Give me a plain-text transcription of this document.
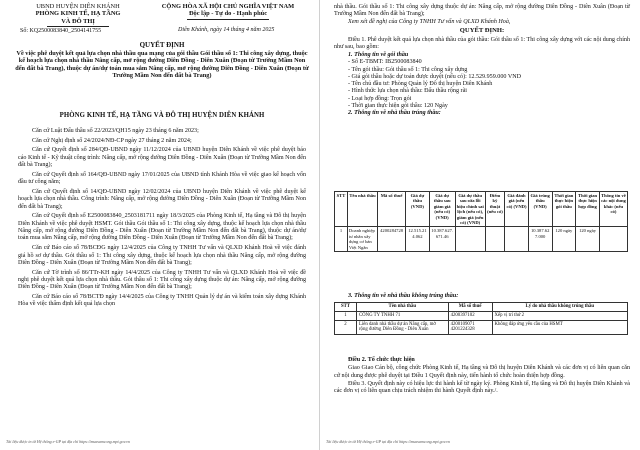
UBND HUYỆN DIÊN KHÁNH
PHÒNG KINH TẾ, HẠ TẦNG
VÀ ĐÔ THỊ
CỘNG HÒA XÃ HỘI CHỦ NGHĨA VIỆT NAM
Độc lập - Tự do - Hạnh phúc
Số: KQ2500083840_2504141755	Diên Khánh, ngày 14 tháng 4 năm 2025
QUYẾT ĐỊNH
Về việc phê duyệt kết quả lựa chọn nhà thầu qua mạng của gói thầu Gói thầu số 1: Thi công xây dựng, thuộc kế hoạch lựa chọn nhà thầu Nâng cấp, mở rộng đường Diên Đồng - Diên Xuân (Đoạn từ Trường Mầm Non đến đất bà Trang), thuộc dự án/dự toán mua sắm Nâng cấp, mở rộng đường Diên Đồng - Diên Xuân (Đoạn từ Trường Mầm Non đến đất bà Trang)
PHÒNG KINH TẾ, HẠ TẦNG VÀ ĐÔ THỊ HUYỆN DIÊN KHÁNH

Căn cứ Luật Đấu thầu số 22/2023/QH15 ngày 23 tháng 6 năm 2023;

Căn cứ Nghị định số 24/2024/NĐ-CP ngày 27 tháng 2 năm 2024;

Căn cứ Quyết định số 284/QĐ-UBND ngày 11/12/2024 của UBND huyện Diên Khánh về việc phê duyệt báo cáo Kinh tế - Kỹ thuật công trình: Nâng cấp, mở rộng đường Diên Đồng - Diên Xuân (Đoạn từ Trường Mầm Non đến đất bà Trang);

Căn cứ Quyết định số 164/QĐ-UBND ngày 17/01/2025 của UBND tỉnh Khánh Hòa về việc giao kế hoạch vốn đầu tư công năm;

Căn cứ Quyết định số 14/QĐ-UBND ngày 12/02/2024 của UBND huyện Diên Khánh về việc phê duyệt kế hoạch lựa chọn nhà thầu. Công trình: Nâng cấp, mở rộng đường Diên Đồng - Diên Xuân (Đoạn từ Trường Mầm Non đến đất bà Trang);

Căn cứ Quyết định số E2500083840_2503181711 ngày 18/3/2025 của Phòng Kinh tế, Hạ tầng và Đô thị huyện Diên Khánh về việc phê duyệt HSMT. Gói thầu Gói thầu số 1: Thi công xây dựng, thuộc kế hoạch lựa chọn nhà thầu Nâng cấp, mở rộng đường Diên Đồng - Diên Xuân (Đoạn từ Trường Mầm Non đến đất bà Trang), thuộc dự án/dự toán mua sắm Nâng cấp, mở rộng đường Diên Đồng - Diên Xuân (Đoạn từ Trường Mầm Non đến đất bà Trang);

Căn cứ Báo cáo số 78/BCĐG ngày 12/4/2025 của Công ty TNHH Tư vấn và QLXD Khánh Hoà về việc đánh giá hồ sơ dự thầu. Gói thầu số 1: Thi công xây dựng, thuộc kế hoạch lựa chọn nhà thầu Nâng cấp, mở rộng đường Diên Đồng - Diên Xuân (Đoạn từ Trường Mầm Non đến đất bà Trang);

Căn cứ Tờ trình số 86/TTr-KH ngày 14/4/2025 của Công ty TNHH Tư vấn và QLXD Khánh Hoà về việc đề nghị phê duyệt kết quả lựa chọn nhà thầu. Gói thầu số 1: Thi công xây dựng thuộc dự án: Nâng cấp, mở rộng đường Diên Đồng - Diên Xuân (Đoạn từ Trường Mầm Non đến đất bà Trang);

Căn cứ Báo cáo số 78/BCTĐ ngày 14/4/2025 của Công ty TNHH Quản lý dự án và kiểm toán xây dựng Khánh Hòa về việc thẩm định kết quả lựa chọn

Tài liệu được in từ Hệ thống e-GP tại địa chỉ https://muasamcong.mpi.gov.vn

nhà thầu. Gói thầu số 1: Thi công xây dựng thuộc dự án: Nâng cấp, mở rộng đường Diên Đồng - Diên Xuân (Đoạn từ Trường Mầm Non đến đất bà Trang);

Xem xét đề nghị của Công ty TNHH Tư vấn và QLXD Khánh Hoà,

QUYẾT ĐỊNH:

Điều 1. Phê duyệt kết quả lựa chọn nhà thầu của gói thầu: Gói thầu số 1: Thi công xây dựng với các nội dung chính như sau, bao gồm:

1. Thông tin về gói thầu
- Số E-TBMT: IB2500083840
- Tên gói thầu: Gói thầu số 1: Thi công xây dựng
- Giá gói thầu hoặc dự toán được duyệt (nếu có): 12.529.959.000 VND
- Tên chủ đầu tư: Phòng Quản lý Đô thị huyện Diên Khánh
- Hình thức lựa chọn nhà thầu: Đấu thầu rộng rãi
- Loại hợp đồng: Trọn gói
- Thời gian thực hiện gói thầu: 120 Ngày
2. Thông tin về nhà thầu trúng thầu:
STT	Tên nhà thầu	Mã số thuế	Giá dự thầu (VND)	Giá dự thầu sau giảm giá (nếu có) (VND)	Giá dự thầu sau sửa lỗi hiệu chỉnh sai lệch (nếu có), giảm giá (nếu có) (VND)	Điểm kỹ thuật (nếu có)	Giá đánh giá (nếu có) (VND)	Giá trúng thầu (VND)	Thời gian thực hiện gói thầu	Thời gian thực hiện hợp đồng	Thông tin về các nội dung khác (nếu có)
1	Doanh nghiệp tư nhân xây dựng cơ bản Việt Ngân	4200284728	12.515.214.062	10.387.627.671.46				10.387.627.000	120 ngày	120 ngày	
3. Thông tin về nhà thầu không trúng thầu:
STT	Tên nhà thầu	Mã số thuế	Lý do nhà thầu không trúng thầu
1	CÔNG TY TNHH 71	4200397102	Xếp vị trí thứ 2
2	Liên danh nhà thầu dự án Nâng cấp, mở rộng đường Diên Đồng - Diên Xuân	4200109071
4201224328	Không đáp ứng yêu cầu của HSMT

Điều 2. Tổ chức thực hiện

Giao Giao Cán bộ, công chức Phòng Kinh tế, Hạ tầng và Đô thị huyện Diên Khánh và các đơn vị có liên quan căn cứ nội dung được phê duyệt tại Điều 1 Quyết định này, tiến hành tổ chức hoàn thiện hợp đồng.

Điều 3. Quyết định này có hiệu lực thi hành kể từ ngày ký. Phòng Kinh tế, Hạ tầng và Đô thị huyện Diên Khánh và các đơn vị có liên quan chịu trách nhiệm thi hành Quyết định này./.

Tài liệu được in từ Hệ thống e-GP tại địa chỉ https://muasamcong.mpi.gov.vn
